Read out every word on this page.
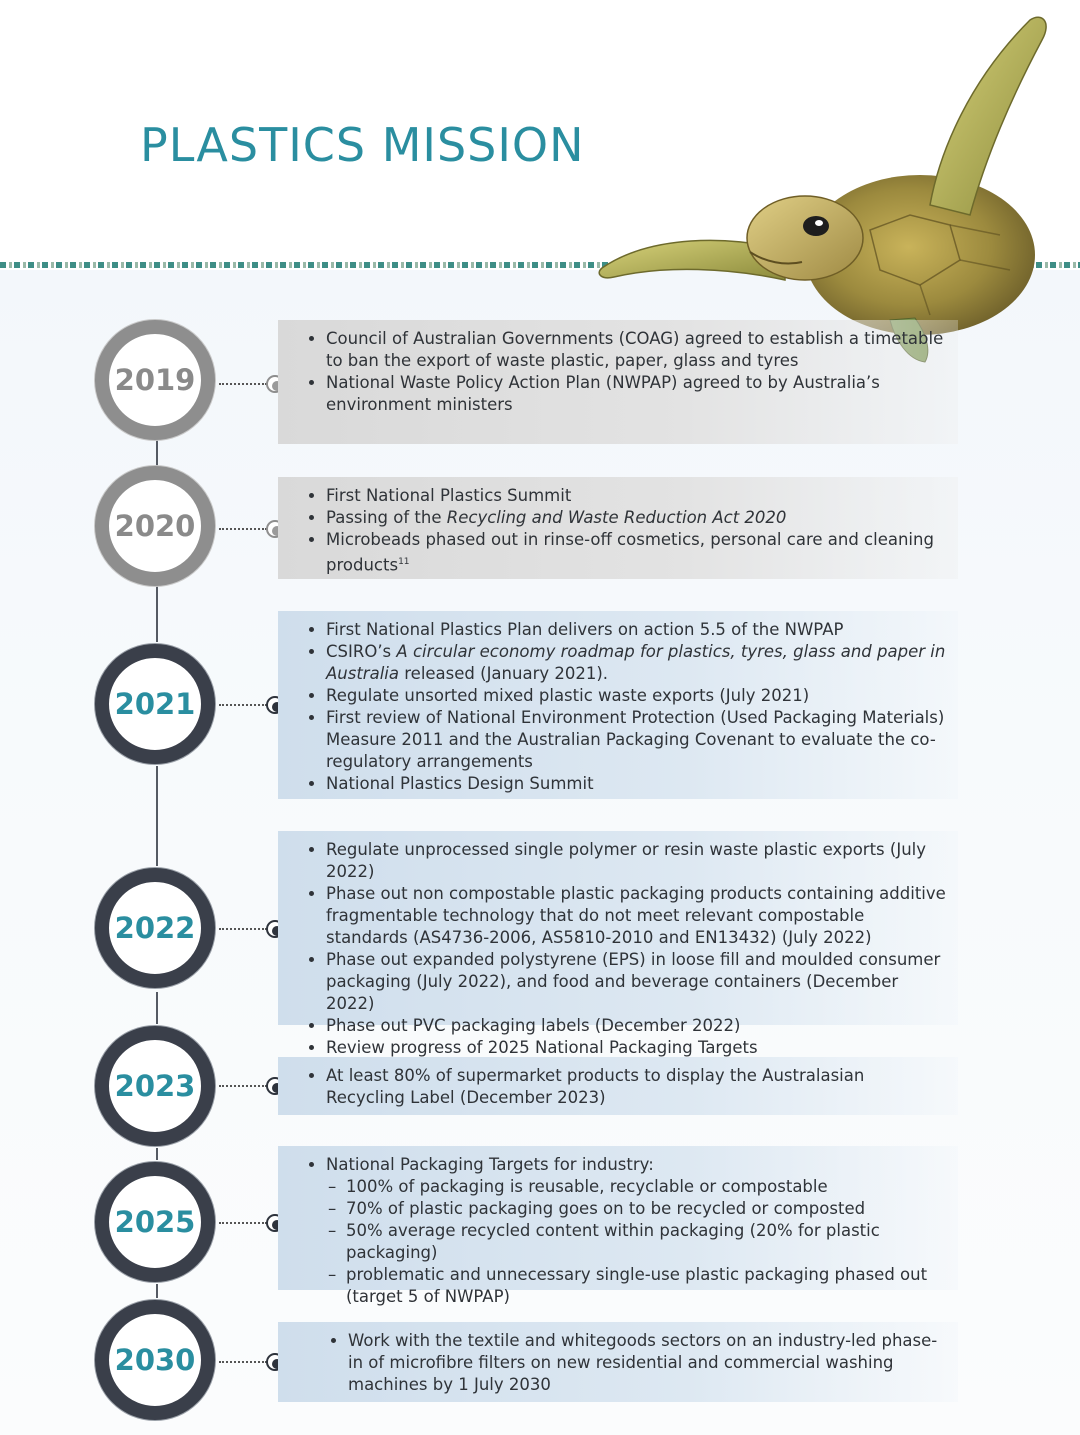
PLASTICS MISSION
2019
• Council of Australian Governments (COAG) agreed to establish a timetable to ban the export of waste plastic, paper, glass and tyres
• National Waste Policy Action Plan (NWPAP) agreed to by Australia’s environment ministers
2020
• First National Plastics Summit
• Passing of the Recycling and Waste Reduction Act 2020
• Microbeads phased out in rinse-off cosmetics, personal care and cleaning products$^{11}$
2021
• First National Plastics Plan delivers on action 5.5 of the NWPAP
• CSIRO’s A circular economy roadmap for plastics, tyres, glass and paper in Australia released (January 2021).
• Regulate unsorted mixed plastic waste exports (July 2021)
• First review of National Environment Protection (Used Packaging Materials) Measure 2011 and the Australian Packaging Covenant to evaluate the co-regulatory arrangements
• National Plastics Design Summit
2022
• Regulate unprocessed single polymer or resin waste plastic exports (July 2022)
• Phase out non compostable plastic packaging products containing additive fragmentable technology that do not meet relevant compostable standards (AS4736-2006, AS5810-2010 and EN13432) (July 2022)
• Phase out expanded polystyrene (EPS) in loose fill and moulded consumer packaging (July 2022), and food and beverage containers (December 2022)
• Phase out PVC packaging labels (December 2022)
• Review progress of 2025 National Packaging Targets
2023
•	At least 80% of supermarket products to display the Australasian Recycling Label (December 2023)
2025
• National Packaging Targets for industry:
– 100% of packaging is reusable, recyclable or compostable
– 70% of plastic packaging goes on to be recycled or composted
– 50% average recycled content within packaging (20% for plastic packaging)
– problematic and unnecessary single-use plastic packaging phased out (target 5 of NWPAP)
2030
• Work with the textile and whitegoods sectors on an industry-led phase-in of microfibre filters on new residential and commercial washing machines by 1 July 2030
